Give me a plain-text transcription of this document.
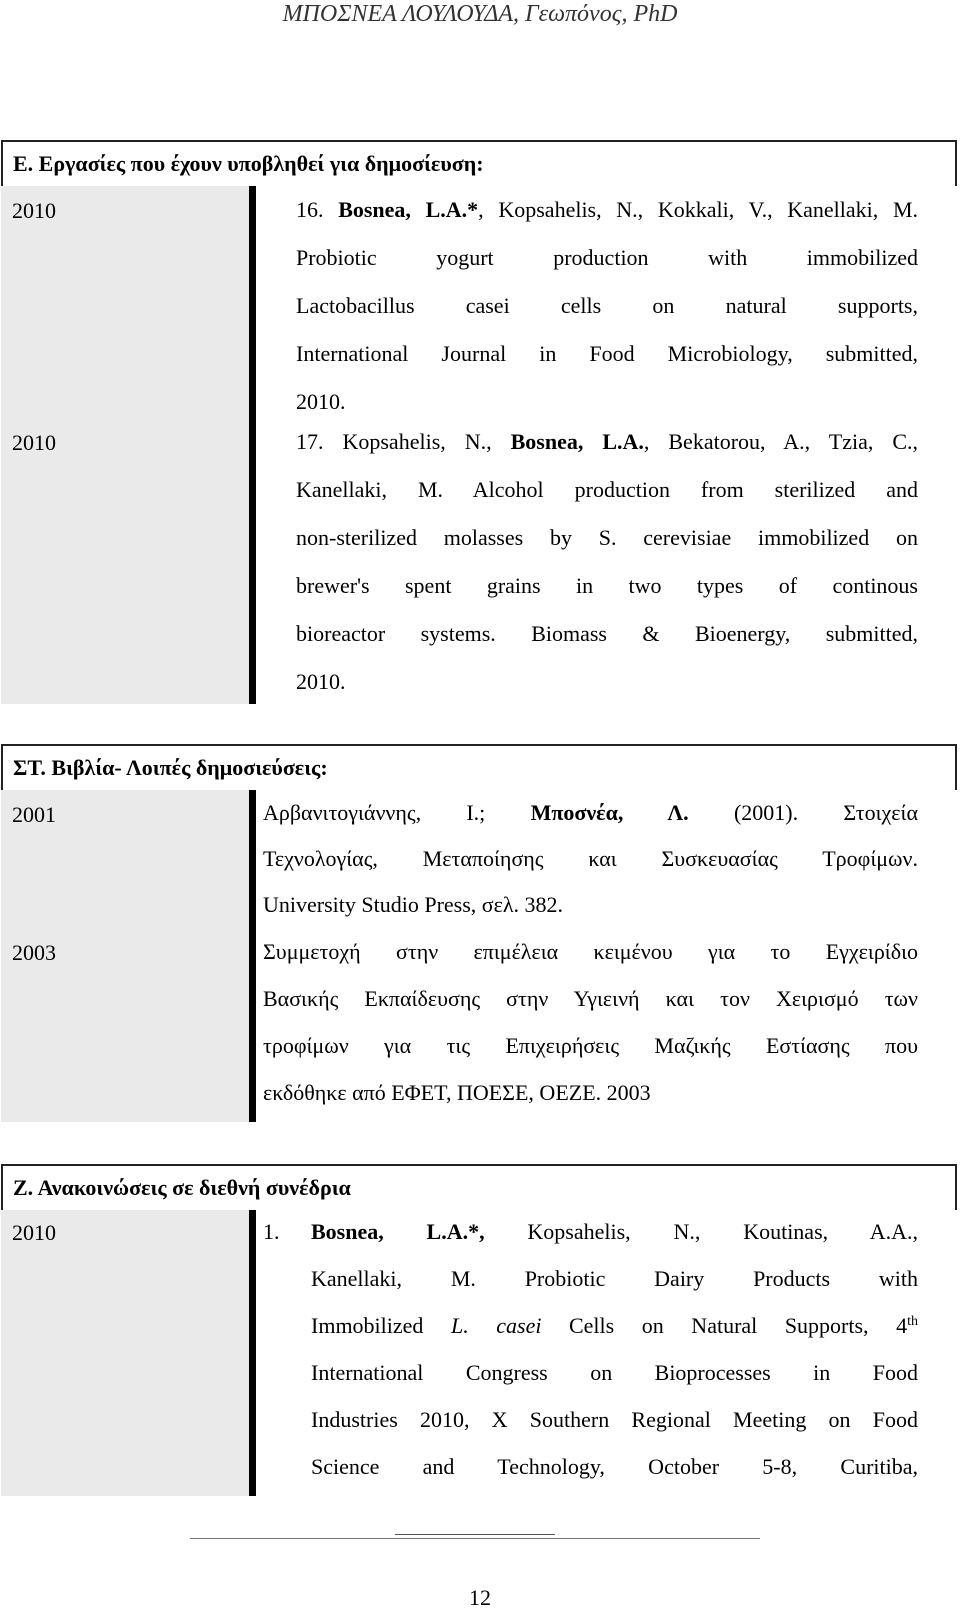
ΜΠΟΣΝΕΑ ΛΟΥΛΟΥΔΑ, Γεωπόνος, PhD
Ε. Εργασίες που έχουν υποβληθεί για δημοσίευση:
2010	16. Bosnea, L.A.*, Kopsahelis, N., Kokkali, V., Kanellaki, M.
Probiotic yogurt production with immobilized
Lactobacillus casei cells on natural supports,
International Journal in Food Microbiology, submitted,
2010.
2010	17. Kopsahelis, N., Bosnea, L.A., Bekatorou, A., Tzia, C.,
Kanellaki, M. Alcohol production from sterilized and
non-sterilized molasses by S. cerevisiae immobilized on
brewer's spent grains in two types of continous
bioreactor systems. Biomass & Bioenergy, submitted,
2010.
ΣΤ. Βιβλία- Λοιπές δημοσιεύσεις:
2001	Αρβανιτογιάννης, Ι.; Μποσνέα, Λ. (2001). Στοιχεία
Τεχνολογίας, Μεταποίησης και Συσκευασίας Τροφίμων.
University Studio Press, σελ. 382.
2003	Συμμετοχή στην επιμέλεια κειμένου για το Εγχειρίδιο
Βασικής Εκπαίδευσης στην Υγιεινή και τον Χειρισμό των
τροφίμων για τις Επιχειρήσεις Μαζικής Εστίασης που
εκδόθηκε από ΕΦΕΤ, ΠΟΕΣΕ, ΟΕΖΕ. 2003
Ζ. Ανακοινώσεις σε διεθνή συνέδρια
2010	1.	Bosnea, L.A.*, Kopsahelis, N., Koutinas, A.A.,
Kanellaki, M. Probiotic Dairy Products with
Immobilized L. casei Cells on Natural Supports, 4th
International Congress on Bioprocesses in Food
Industries 2010, X Southern Regional Meeting on Food
Science and Technology, October 5-8, Curitiba,
12
